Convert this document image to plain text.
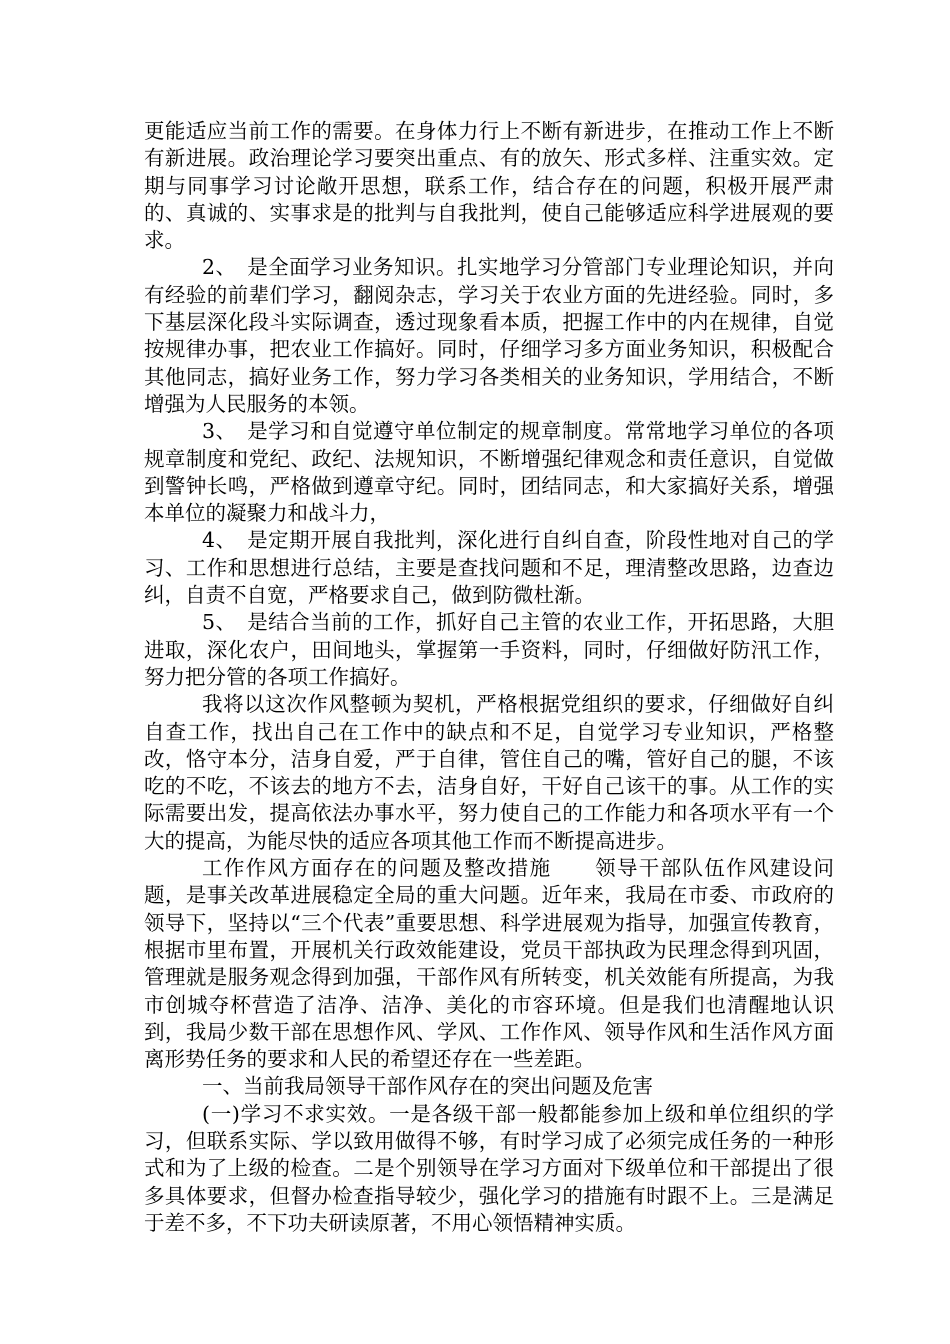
更能适应当前工作的需要。在身体力行上不断有新进步，在推动工作上不断有新进展。政治理论学习要突出重点、有的放矢、形式多样、注重实效。定期与同事学习讨论敞开思想，联系工作，结合存在的问题，积极开展严肃的、真诚的、实事求是的批判与自我批判，使自己能够适应科学进展观的要求。

2、　是全面学习业务知识。扎实地学习分管部门专业理论知识，并向有经验的前辈们学习，翻阅杂志，学习关于农业方面的先进经验。同时，多下基层深化段斗实际调查，透过现象看本质，把握工作中的内在规律，自觉按规律办事，把农业工作搞好。同时，仔细学习多方面业务知识，积极配合其他同志，搞好业务工作，努力学习各类相关的业务知识，学用结合，不断增强为人民服务的本领。

3、　是学习和自觉遵守单位制定的规章制度。常常地学习单位的各项规章制度和党纪、政纪、法规知识，不断增强纪律观念和责任意识，自觉做到警钟长鸣，严格做到遵章守纪。同时，团结同志，和大家搞好关系，增强本单位的凝聚力和战斗力，

4、　是定期开展自我批判，深化进行自纠自查，阶段性地对自己的学习、工作和思想进行总结，主要是查找问题和不足，理清整改思路，边查边纠，自责不自宽，严格要求自己，做到防微杜渐。

5、　是结合当前的工作，抓好自己主管的农业工作，开拓思路，大胆进取，深化农户，田间地头，掌握第一手资料，同时，仔细做好防汛工作，努力把分管的各项工作搞好。

我将以这次作风整顿为契机，严格根据党组织的要求，仔细做好自纠自查工作，找出自己在工作中的缺点和不足，自觉学习专业知识，严格整改，恪守本分，洁身自爱，严于自律，管住自己的嘴，管好自己的腿，不该吃的不吃，不该去的地方不去，洁身自好，干好自己该干的事。从工作的实际需要出发，提高依法办事水平，努力使自己的工作能力和各项水平有一个大的提高，为能尽快的适应各项其他工作而不断提高进步。

工作作风方面存在的问题及整改措施　　领导干部队伍作风建设问题，是事关改革进展稳定全局的重大问题。近年来，我局在市委、市政府的领导下，坚持以“三个代表”重要思想、科学进展观为指导，加强宣传教育，根据市里布置，开展机关行政效能建设，党员干部执政为民理念得到巩固，管理就是服务观念得到加强，干部作风有所转变，机关效能有所提高，为我市创城夺杯营造了洁净、洁净、美化的市容环境。但是我们也清醒地认识到，我局少数干部在思想作风、学风、工作作风、领导作风和生活作风方面离形势任务的要求和人民的希望还存在一些差距。

一、当前我局领导干部作风存在的突出问题及危害

(一)学习不求实效。一是各级干部一般都能参加上级和单位组织的学习，但联系实际、学以致用做得不够，有时学习成了必须完成任务的一种形式和为了上级的检查。二是个别领导在学习方面对下级单位和干部提出了很多具体要求，但督办检查指导较少，强化学习的措施有时跟不上。三是满足于差不多，不下功夫研读原著，不用心领悟精神实质。
